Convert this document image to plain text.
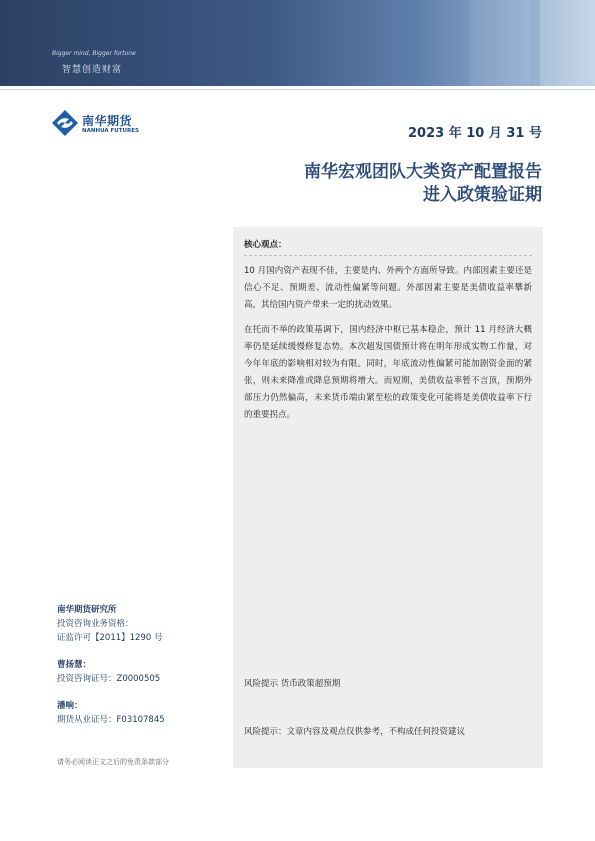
Bigger mind, Bigger fortune
智慧创造财富
南华期货
NANHUA FUTURES	2023 年 10 月 31 号
南华宏观团队大类资产配置报告
进入政策验证期
核心观点：
10 月国内资产表现不佳，主要是内、外两个方面所导致。内部因素主要还是信心不足、预期差、流动性偏紧等问题。外部因素主要是美债收益率攀新高，其给国内资产带来一定的扰动效果。
在托而不举的政策基调下，国内经济中枢已基本稳企，预计 11 月经济大概率仍是延续缓慢修复态势。本次超发国债预计将在明年形成实物工作量，对今年年底的影响相对较为有限。同时，年底流动性偏紧可能加剧资金面的紧张，则未来降准或降息预期将增大。而短期，美债收益率暂不言顶，预期外部压力仍然偏高，未来货币端由紧至松的政策变化可能将是美债收益率下行的重要拐点。
风险提示 货币政策超预期
风险提示：文章内容及观点仅供参考，不构成任何投资建议
南华期货研究所
投资咨询业务资格：
证监许可【2011】1290 号
曹扬慧：
投资咨询证号：Z0000505
潘响：
期货从业证号：F03107845
请务必阅读正文之后的免责条款部分
